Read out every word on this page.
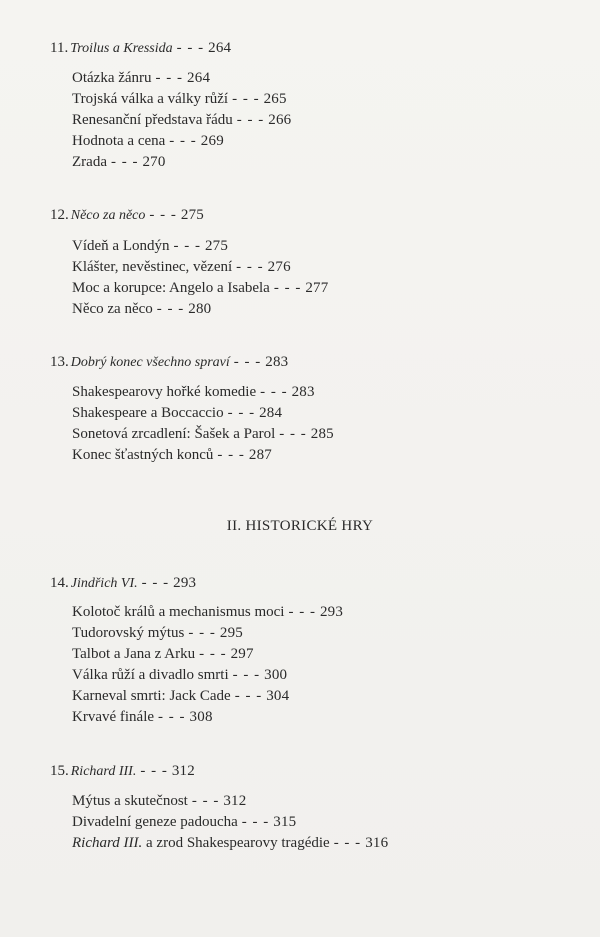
11. Troilus a Kressida - - - 264
Otázka žánru - - - 264
Trojská válka a války růží - - - 265
Renesanční představa řádu - - - 266
Hodnota a cena - - - 269
Zrada - - - 270
12. Něco za něco - - - 275
Vídeň a Londýn - - - 275
Klášter, nevěstinec, vězení - - - 276
Moc a korupce: Angelo a Isabela - - - 277
Něco za něco - - - 280
13. Dobrý konec všechno spraví - - - 283
Shakespearovy hořké komedie - - - 283
Shakespeare a Boccaccio - - - 284
Sonetová zrcadlení: Šašek a Parol - - - 285
Konec šťastných konců - - - 287
II. HISTORICKÉ HRY
14. Jindřich VI. - - - 293
Kolotoč králů a mechanismus moci - - - 293
Tudorovský mýtus - - - 295
Talbot a Jana z Arku - - - 297
Válka růží a divadlo smrti - - - 300
Karneval smrti: Jack Cade - - - 304
Krvavé finále - - - 308
15. Richard III. - - - 312
Mýtus a skutečnost - - - 312
Divadelní geneze padoucha - - - 315
Richard III. a zrod Shakespearovy tragédie - - - 316
